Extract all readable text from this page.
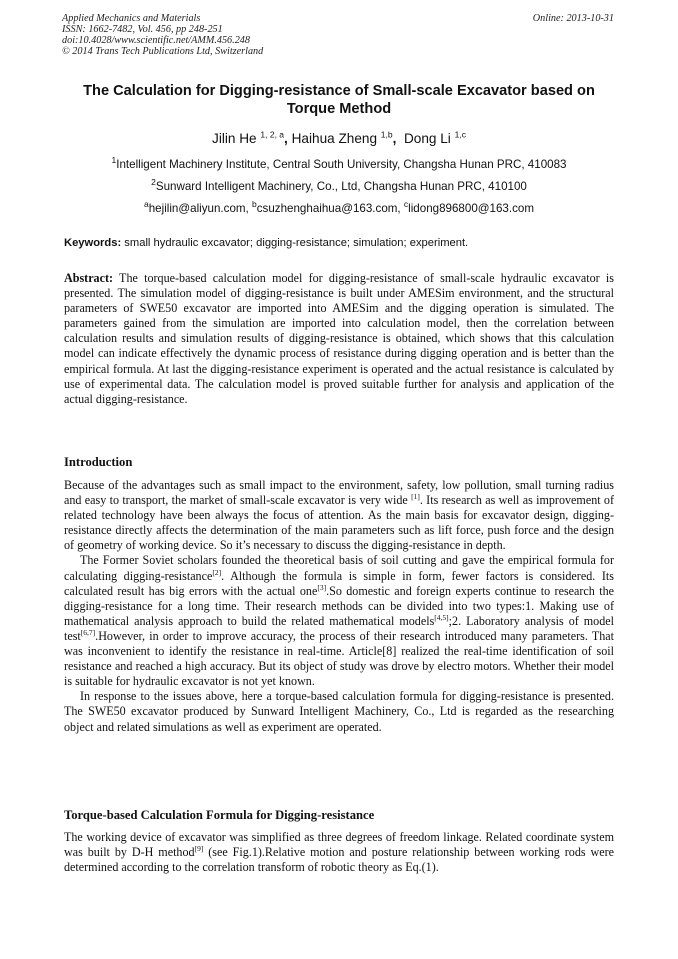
Applied Mechanics and Materials
ISSN: 1662-7482, Vol. 456, pp 248-251
doi:10.4028/www.scientific.net/AMM.456.248
© 2014 Trans Tech Publications Ltd, Switzerland
Online: 2013-10-31
The Calculation for Digging-resistance of Small-scale Excavator based on Torque Method
Jilin He $^{1, 2, a}$, Haihua Zheng $^{1,b}$, Dong Li $^{1,c}$
$^1$Intelligent Machinery Institute, Central South University, Changsha Hunan PRC, 410083
$^2$Sunward Intelligent Machinery, Co., Ltd, Changsha Hunan PRC, 410100
$^a$hejilin@aliyun.com, $^b$csuzhenghaihua@163.com, $^c$lidong896800@163.com
Keywords: small hydraulic excavator; digging-resistance; simulation; experiment.
Abstract: The torque-based calculation model for digging-resistance of small-scale hydraulic excavator is presented. The simulation model of digging-resistance is built under AMESim environment, and the structural parameters of SWE50 excavator are imported into AMESim and the digging operation is simulated. The parameters gained from the simulation are imported into calculation model, then the correlation between calculation results and simulation results of digging-resistance is obtained, which shows that this calculation model can indicate effectively the dynamic process of resistance during digging operation and is better than the empirical formula. At last the digging-resistance experiment is operated and the actual resistance is calculated by use of experimental data. The calculation model is proved suitable further for analysis and application of the actual digging-resistance.
Introduction
Because of the advantages such as small impact to the environment, safety, low pollution, small turning radius and easy to transport, the market of small-scale excavator is very wide [1]. Its research as well as improvement of related technology have been always the focus of attention. As the main basis for excavator design, digging-resistance directly affects the determination of the main parameters such as lift force, push force and the design of geometry of working device. So it’s necessary to discuss the digging-resistance in depth.
The Former Soviet scholars founded the theoretical basis of soil cutting and gave the empirical formula for calculating digging-resistance[2]. Although the formula is simple in form, fewer factors is considered. Its calculated result has big errors with the actual one[3].So domestic and foreign experts continue to research the digging-resistance for a long time. Their research methods can be divided into two types:1. Making use of mathematical analysis approach to build the related mathematical models[4,5];2. Laboratory analysis of model test[6,7].However, in order to improve accuracy, the process of their research introduced many parameters. That was inconvenient to identify the resistance in real-time. Article[8] realized the real-time identification of soil resistance and reached a high accuracy. But its object of study was drove by electro motors. Whether their model is suitable for hydraulic excavator is not yet known.
In response to the issues above, here a torque-based calculation formula for digging-resistance is presented. The SWE50 excavator produced by Sunward Intelligent Machinery, Co., Ltd is regarded as the researching object and related simulations as well as experiment are operated.
Torque-based Calculation Formula for Digging-resistance
The working device of excavator was simplified as three degrees of freedom linkage. Related coordinate system was built by D-H method[9] (see Fig.1).Relative motion and posture relationship between working rods were determined according to the correlation transform of robotic theory as Eq.(1).
